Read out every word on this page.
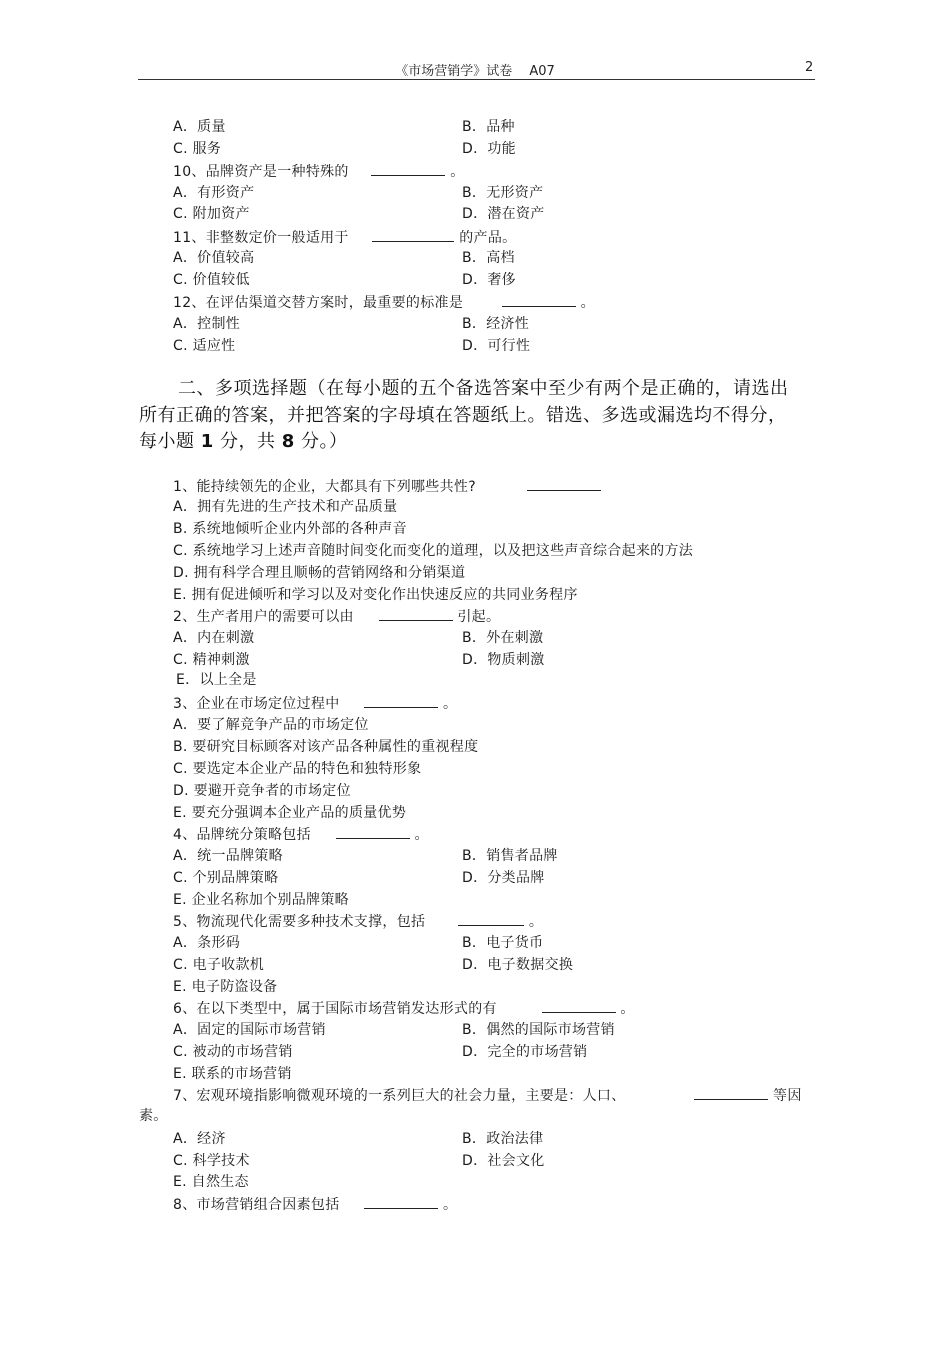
《市场营销学》试卷　 A07	2
A．质量	B．品种
C. 服务	D．功能
10、品牌资产是一种特殊的	。
A．有形资产	B．无形资产
C. 附加资产	D．潜在资产
11、非整数定价一般适用于	的产品。
A．价值较高	B．高档
C. 价值较低	D．奢侈
12、在评估渠道交替方案时，最重要的标准是	。
A．控制性	B．经济性
C. 适应性	D．可行性
二、多项选择题（在每小题的五个备选答案中至少有两个是正确的，请选出
所有正确的答案，并把答案的字母填在答题纸上。错选、多选或漏选均不得分，
每小题 1 分，共 8 分。）
1、能持续领先的企业，大都具有下列哪些共性?
A．拥有先进的生产技术和产品质量
B. 系统地倾听企业内外部的各种声音
C. 系统地学习上述声音随时间变化而变化的道理，以及把这些声音综合起来的方法
D. 拥有科学合理且顺畅的营销网络和分销渠道
E. 拥有促进倾听和学习以及对变化作出快速反应的共同业务程序
2、生产者用户的需要可以由	引起。
A．内在刺激	B．外在刺激
C. 精神刺激	D．物质刺激
E．以上全是
3、企业在市场定位过程中	。
A．要了解竞争产品的市场定位
B. 要研究目标顾客对该产品各种属性的重视程度
C. 要选定本企业产品的特色和独特形象
D. 要避开竞争者的市场定位
E. 要充分强调本企业产品的质量优势
4、品牌统分策略包括	。
A．统一品牌策略	B．销售者品牌
C. 个别品牌策略	D．分类品牌
E. 企业名称加个别品牌策略
5、物流现代化需要多种技术支撑，包括	。
A．条形码	B．电子货币
C. 电子收款机	D．电子数据交换
E. 电子防盗设备
6、在以下类型中，属于国际市场营销发达形式的有	。
A．固定的国际市场营销	B．偶然的国际市场营销
C. 被动的市场营销	D．完全的市场营销
E. 联系的市场营销
7、宏观环境指影响微观环境的一系列巨大的社会力量，主要是：人口、	等因
素。
A．经济	B．政治法律
C. 科学技术	D．社会文化
E. 自然生态
8、市场营销组合因素包括	。
